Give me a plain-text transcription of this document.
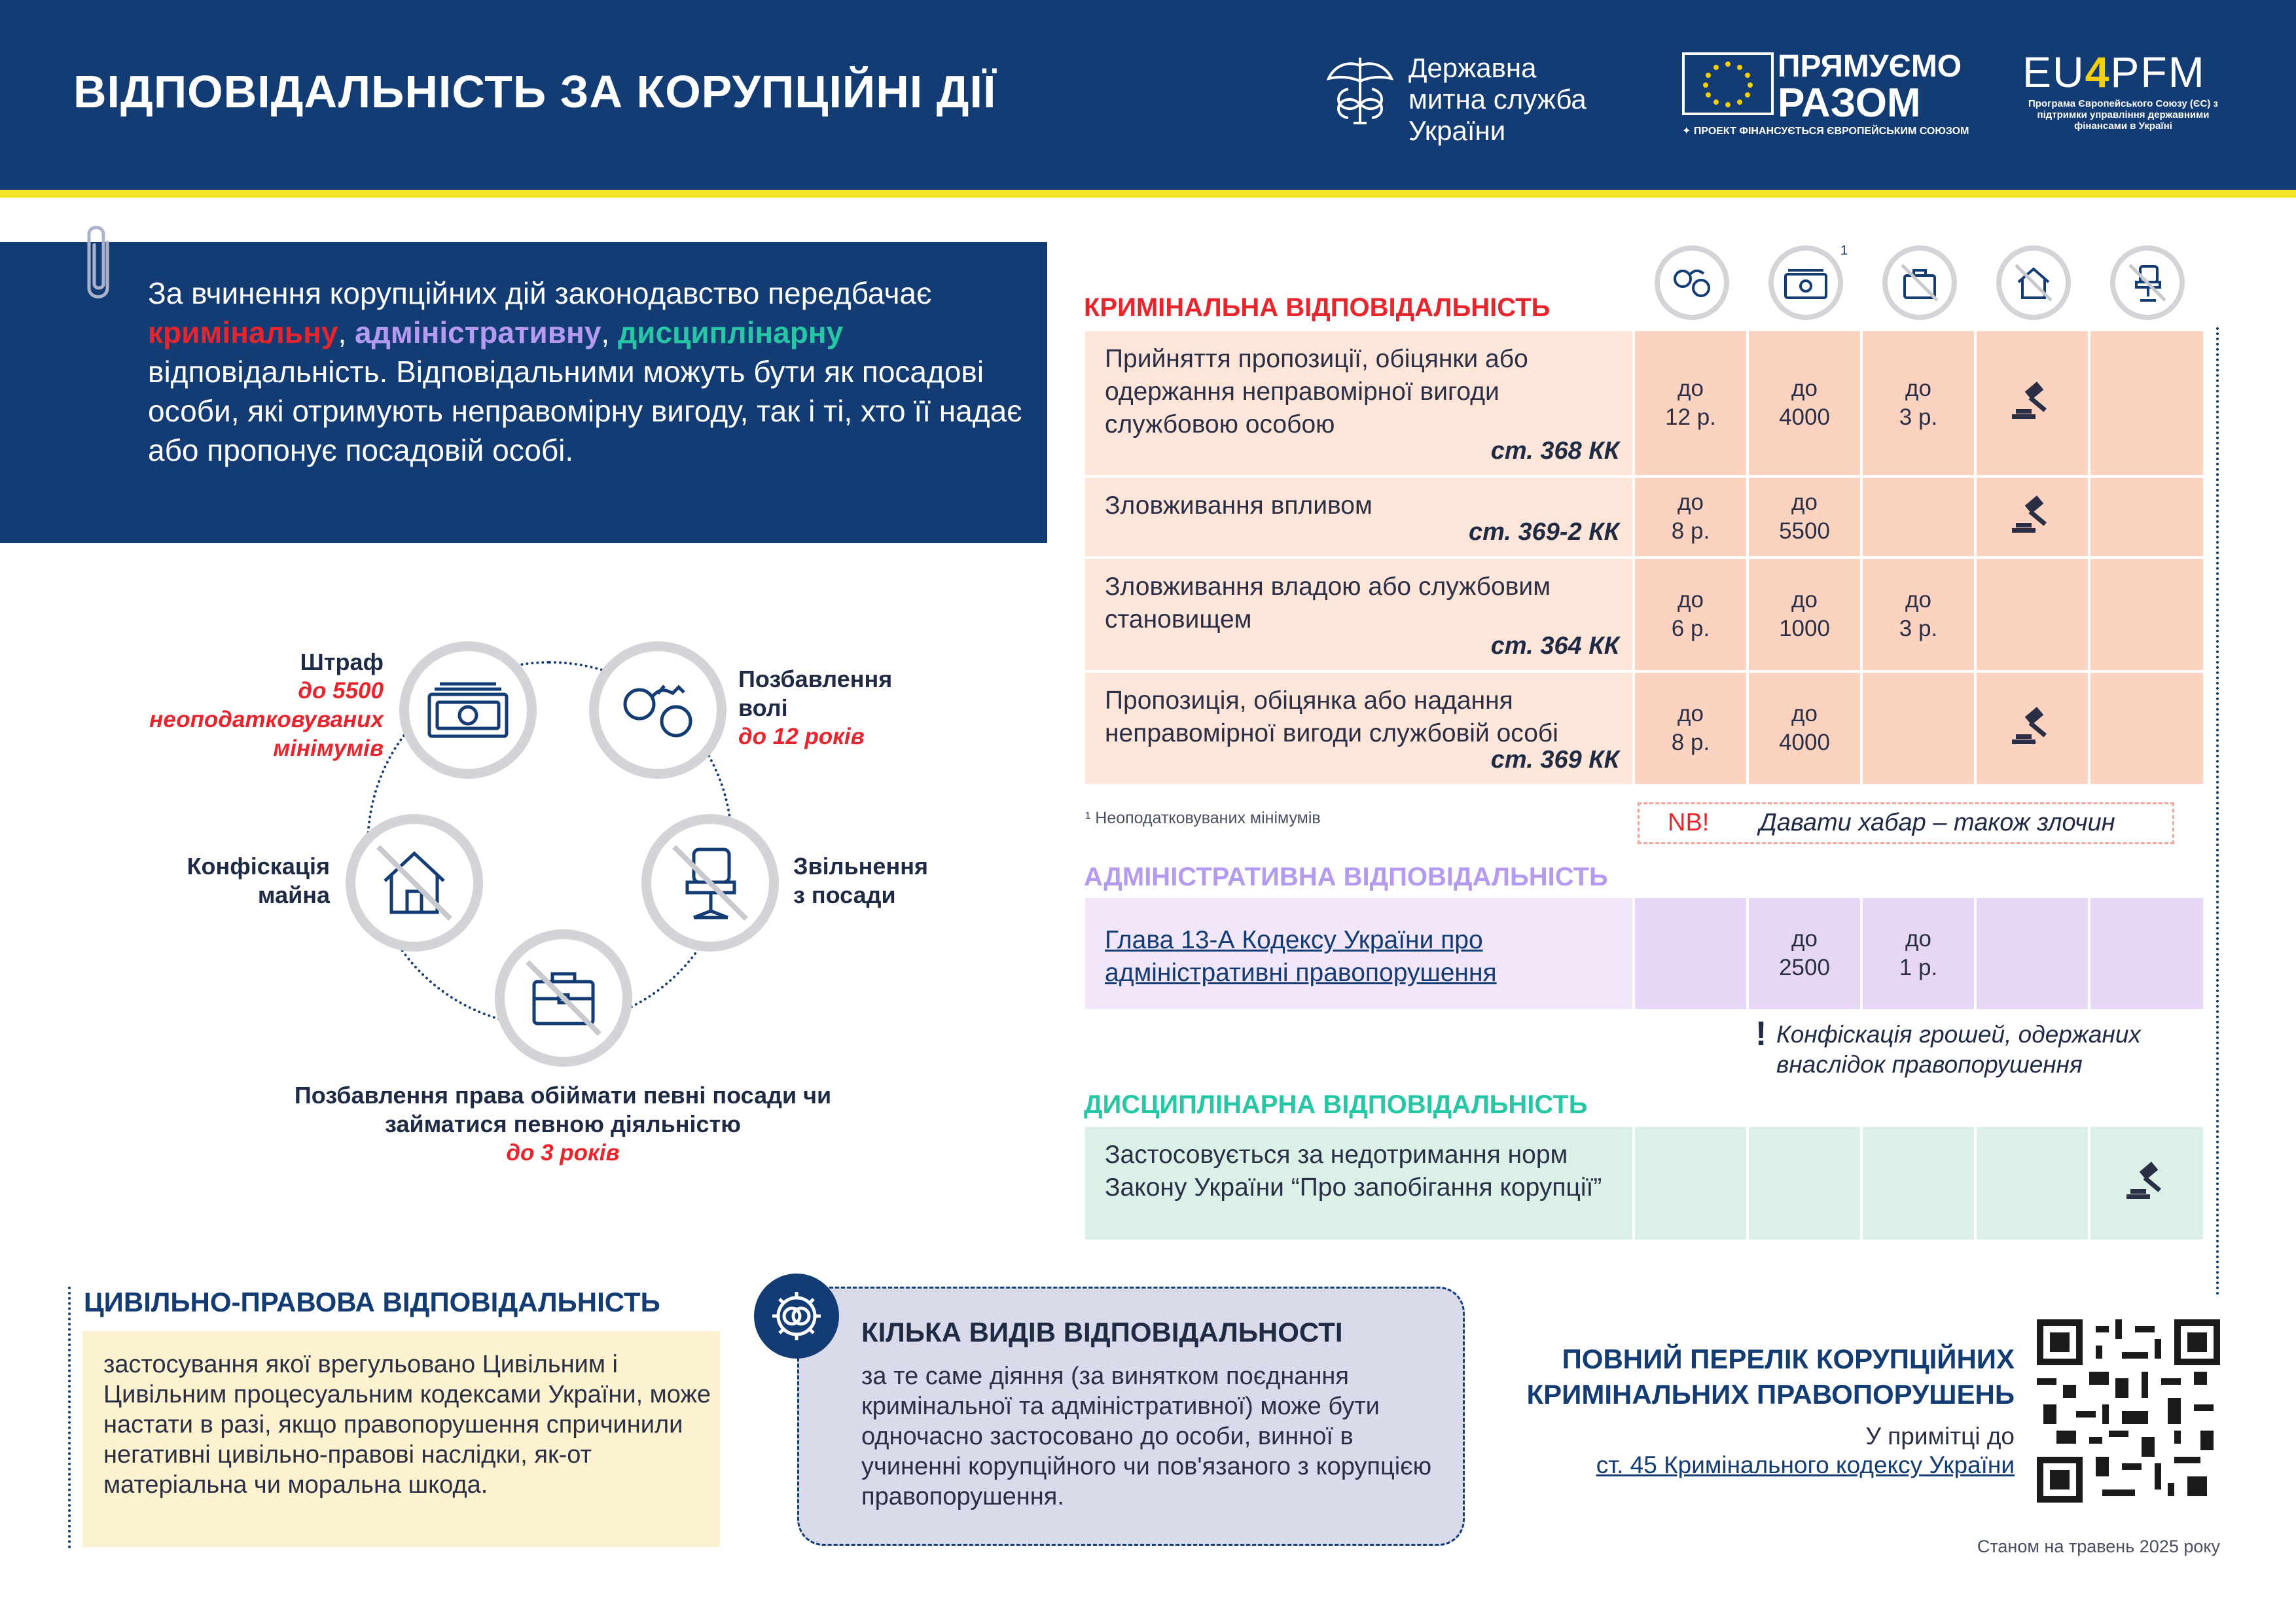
ВІДПОВІДАЛЬНІСТЬ ЗА КОРУПЦІЙНІ ДІЇ	Державна
митна служба
України
ПРЯМУЄМО
РАЗОМ
✦ ПРОЕКТ ФІНАНСУЄТЬСЯ ЄВРОПЕЙСЬКИМ СОЮЗОМ
EU4PFM
Програма Європейського Союзу (ЄС) з підтримки управління державними фінансами в Україні
За вчинення корупційних дій законодавство передбачає кримінальну, адміністративну, дисциплінарну відповідальність. Відповідальними можуть бути як посадові особи, які отримують неправомірну вигоду, так і ті, хто її надає або пропонує посадовій особі.
Штраф
до 5500
неоподатковуваних
мінімумів
Позбавлення
волі
до 12 років
Конфіскація
майна
Звільнення
з посади
Позбавлення права обіймати певні посади чи
займатися певною діяльністю
до 3 років
1
КРИМІНАЛЬНА ВІДПОВІДАЛЬНІСТЬ
Прийняття пропозиції, обіцянки або одержання неправомірної вигоди службовою особою
ст. 368 КК
до
12 р.
до
4000
до
3 р.
Зловживання впливом
ст. 369-2 КК
до
8 р.
до
5500
Зловживання владою або службовим становищем
ст. 364 КК
до
6 р.
до
1000
до
3 р.
Пропозиція, обіцянка або надання неправомірної вигоди службовій особі
ст. 369 КК
до
8 р.
до
4000
¹ Неоподатковуваних мінімумів	NB! Давати хабар – також злочин
АДМІНІСТРАТИВНА ВІДПОВІДАЛЬНІСТЬ
Глава 13-А Кодексу України про адміністративні правопорушення
до
2500
до
1 р.
! Конфіскація грошей, одержаних внаслідок правопорушення
ДИСЦИПЛІНАРНА ВІДПОВІДАЛЬНІСТЬ
Застосовується за недотримання норм Закону України “Про запобігання корупції”
ЦИВІЛЬНО-ПРАВОВА ВІДПОВІДАЛЬНІСТЬ
застосування якої врегульовано Цивільним і Цивільним процесуальним кодексами України, може настати в разі, якщо правопорушення спричинили негативні цивільно-правові наслідки, як-от матеріальна чи моральна шкода.
КІЛЬКА ВИДІВ ВІДПОВІДАЛЬНОСТІ
за те саме діяння (за винятком поєднання кримінальної та адміністративної) може бути одночасно застосовано до особи, винної в учиненні корупційного чи пов'язаного з корупцією правопорушення.
ПОВНИЙ ПЕРЕЛІК КОРУПЦІЙНИХ КРИМІНАЛЬНИХ ПРАВОПОРУШЕНЬ
У примітці до
ст. 45 Кримінального кодексу України
Станом на травень 2025 року
